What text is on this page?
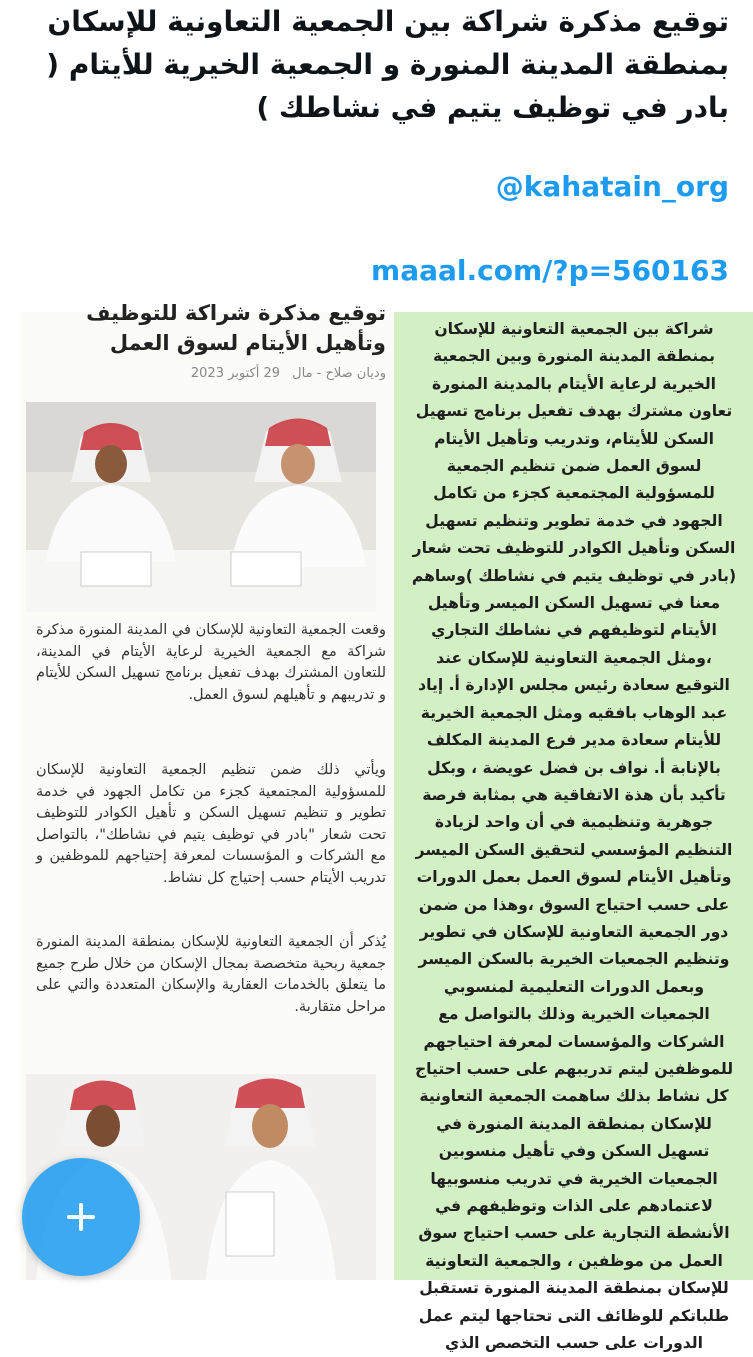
توقيع مذكرة شراكة بين الجمعية التعاونية للإسكان بمنطقة المدينة المنورة و الجمعية الخيرية للأيتام ( بادر في توظيف يتيم في نشاطك )
@kahatain_org
maaal.com/?p=560163
توقيع مذكرة شراكة للتوظيف وتأهيل الأيتام لسوق العمل
وديان صلاح - مال 29 أكتوبر 2023
وقعت الجمعية التعاونية للإسكان في المدينة المنورة مذكرة شراكة مع الجمعية الخيرية لرعاية الأيتام في المدينة، للتعاون المشترك بهدف تفعيل برنامج تسهيل السكن للأيتام و تدريبهم و تأهيلهم لسوق العمل.
ويأتي ذلك ضمن تنظيم الجمعية التعاونية للإسكان للمسؤولية المجتمعية كجزء من تكامل الجهود في خدمة تطوير و تنظيم تسهيل السكن و تأهيل الكوادر للتوظيف تحت شعار "بادر في توظيف يتيم في نشاطك"، بالتواصل مع الشركات و المؤسسات لمعرفة إحتياجهم للموظفين و تدريب الأيتام حسب إحتياج كل نشاط.
يُذكر أن الجمعية التعاونية للإسكان بمنطقة المدينة المنورة جمعية ربحية متخصصة بمجال الإسكان من خلال طرح جميع ما يتعلق بالخدمات العقارية والإسكان المتعددة والتي على مراحل متقاربة.
شراكة بين الجمعية التعاونية للإسكان بمنطقة المدينة المنورة وبين الجمعية الخيرية لرعاية الأيتام بالمدينة المنورة تعاون مشترك بهدف تفعيل برنامج تسهيل السكن للأيتام، وتدريب وتأهيل الأيتام لسوق العمل ضمن تنظيم الجمعية للمسؤولية المجتمعية كجزء من تكامل الجهود في خدمة تطوير وتنظيم تسهيل السكن وتأهيل الكوادر للتوظيف تحت شعار (بادر في توظيف يتيم في نشاطك )وساهم معنا في تسهيل السكن الميسر وتأهيل الأيتام لتوظيفهم في نشاطك التجاري ،ومثل الجمعية التعاونية للإسكان عند التوقيع سعادة رئيس مجلس الإدارة أ. إياد عبد الوهاب بافقيه ومثل الجمعية الخيرية للأيتام سعادة مدير فرع المدينة المكلف بالإنابة أ. نواف بن فضل عويضة ، وبكل تأكيد بأن هذة الاتفاقية هي بمثابة فرصة جوهرية وتنظيمية في أن واحد لزيادة التنظيم المؤسسي لتحقيق السكن الميسر وتأهيل الأيتام لسوق العمل بعمل الدورات على حسب احتياج السوق ،وهذا من ضمن دور الجمعية التعاونية للإسكان في تطوير وتنظيم الجمعيات الخيرية بالسكن الميسر وبعمل الدورات التعليمية لمنسوبي الجمعيات الخيرية وذلك بالتواصل مع الشركات والمؤسسات لمعرفة احتياجهم للموظفين ليتم تدريبهم على حسب احتياج كل نشاط بذلك ساهمت الجمعية التعاونية للإسكان بمنطقة المدينة المنورة في تسهيل السكن وفي تأهيل منسوبين الجمعيات الخيرية في تدريب منسوبيها لاعتمادهم على الذات وتوظيفهم في الأنشطة التجارية على حسب احتياج سوق العمل من موظفين ، والجمعية التعاونية للإسكان بمنطقة المدينة المنورة تستقبل طلباتكم للوظائف التى تحتاجها ليتم عمل الدورات على حسب التخصص الذي
